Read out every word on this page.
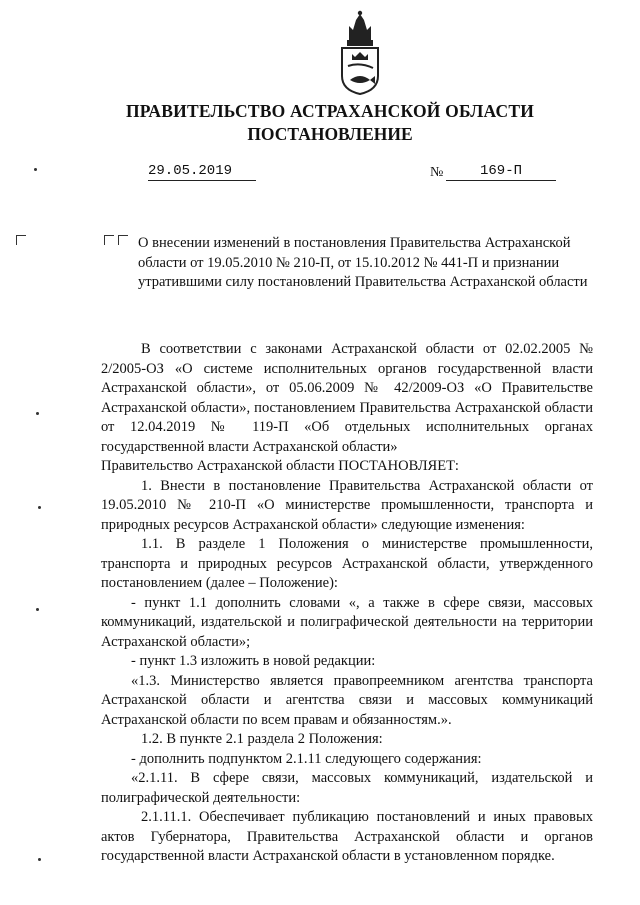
ПРАВИТЕЛЬСТВО АСТРАХАНСКОЙ ОБЛАСТИ
ПОСТАНОВЛЕНИЕ
29.05.2019	№	169-П
О внесении изменений в постановления Правительства Астраханской области от 19.05.2010 № 210-П, от 15.10.2012 № 441-П и признании утратившими силу постановлений Правительства Астраханской области

В соответствии с законами Астраханской области от 02.02.2005 № 2/2005-ОЗ «О системе исполнительных органов государственной власти Астраханской области», от 05.06.2009 № 42/2009-ОЗ «О Правительстве Астраханской области», постановлением Правительства Астраханской области от 12.04.2019 № 119-П «Об отдельных исполнительных органах государственной власти Астраханской области»

Правительство Астраханской области ПОСТАНОВЛЯЕТ:

1. Внести в постановление Правительства Астраханской области от 19.05.2010 № 210-П «О министерстве промышленности, транспорта и природных ресурсов Астраханской области» следующие изменения:

1.1. В разделе 1 Положения о министерстве промышленности, транспорта и природных ресурсов Астраханской области, утвержденного постановлением (далее – Положение):

- пункт 1.1 дополнить словами «, а также в сфере связи, массовых коммуникаций, издательской и полиграфической деятельности на территории Астраханской области»;

- пункт 1.3 изложить в новой редакции:

«1.3. Министерство является правопреемником агентства транспорта Астраханской области и агентства связи и массовых коммуникаций Астраханской области по всем правам и обязанностям.».

1.2. В пункте 2.1 раздела 2 Положения:

- дополнить подпунктом 2.1.11 следующего содержания:

«2.1.11. В сфере связи, массовых коммуникаций, издательской и полиграфической деятельности:

2.1.11.1. Обеспечивает публикацию постановлений и иных правовых актов Губернатора, Правительства Астраханской области и органов государственной власти Астраханской области в установленном порядке.
